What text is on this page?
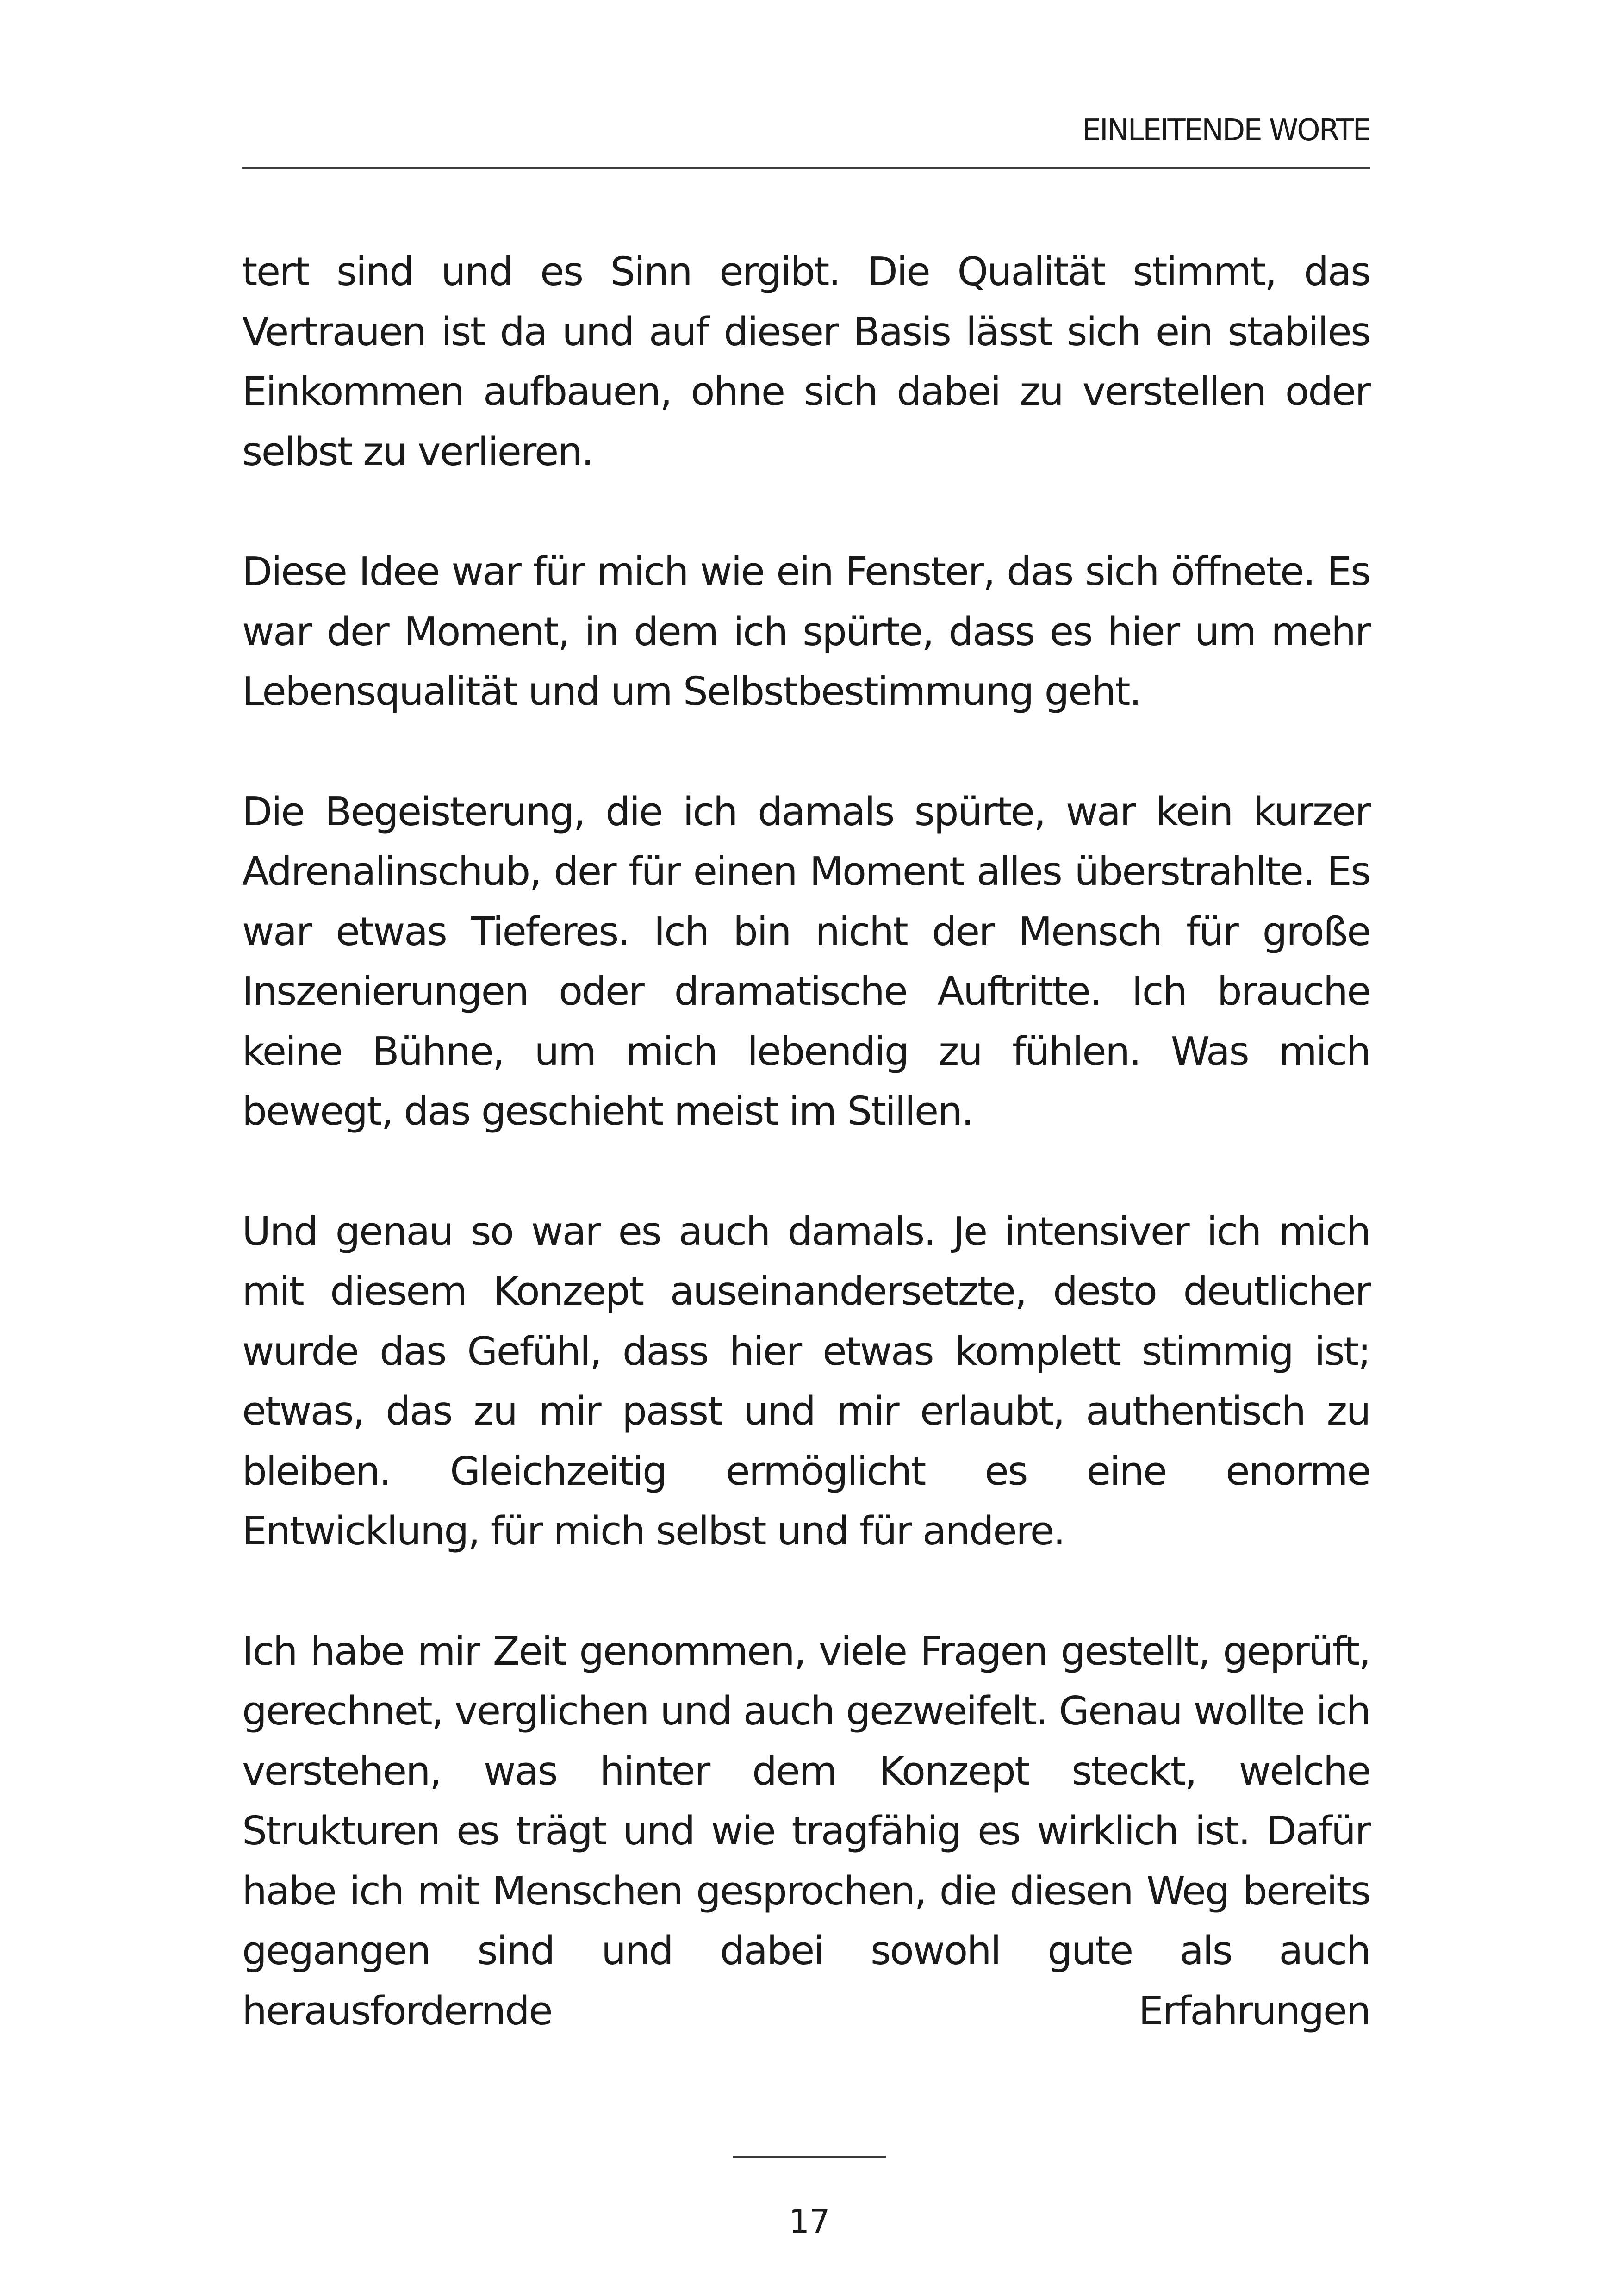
EINLEITENDE WORTE

tert sind und es Sinn ergibt. Die Qualität stimmt, das Vertrauen ist da und auf dieser Basis lässt sich ein stabiles Einkommen aufbauen, ohne sich dabei zu verstellen oder selbst zu verlieren.

Diese Idee war für mich wie ein Fenster, das sich öffnete. Es war der Moment, in dem ich spürte, dass es hier um mehr Lebensqualität und um Selbstbestimmung geht.

Die Begeisterung, die ich damals spürte, war kein kurzer Adrenalinschub, der für einen Moment alles überstrahlte. Es war etwas Tieferes. Ich bin nicht der Mensch für große Inszenierungen oder dramatische Auftritte. Ich brauche keine Bühne, um mich lebendig zu fühlen. Was mich bewegt, das geschieht meist im Stillen.

Und genau so war es auch damals. Je intensiver ich mich mit diesem Konzept auseinandersetzte, desto deutlicher wurde das Gefühl, dass hier etwas komplett stimmig ist; etwas, das zu mir passt und mir erlaubt, authentisch zu bleiben. Gleichzeitig ermöglicht es eine enorme Entwicklung, für mich selbst und für andere.

Ich habe mir Zeit genommen, viele Fragen gestellt, geprüft, gerechnet, verglichen und auch gezweifelt. Genau wollte ich verstehen, was hinter dem Konzept steckt, welche Strukturen es trägt und wie tragfähig es wirklich ist. Dafür habe ich mit Menschen gesprochen, die diesen Weg bereits gegangen sind und dabei sowohl gute als auch herausfordernde Erfahrungen

17
